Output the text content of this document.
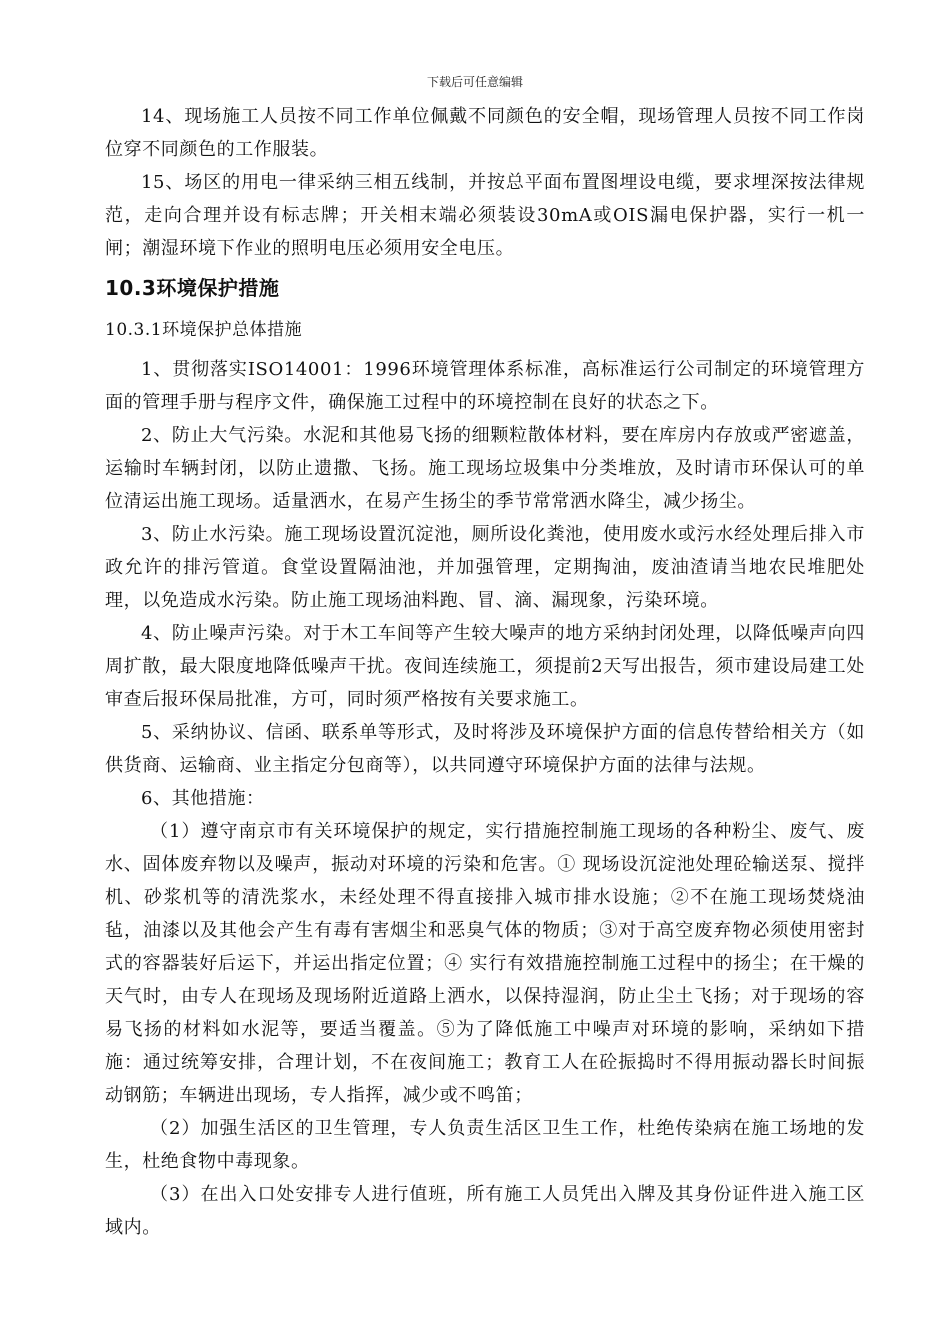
下载后可任意编辑

14、现场施工人员按不同工作单位佩戴不同颜色的安全帽，现场管理人员按不同工作岗位穿不同颜色的工作服装。

15、场区的用电一律采纳三相五线制，并按总平面布置图埋设电缆，要求埋深按法律规范，走向合理并设有标志牌；开关相末端必须装设30mA或OIS漏电保护器，实行一机一闸；潮湿环境下作业的照明电压必须用安全电压。

10.3环境保护措施
10.3.1环境保护总体措施

1、贯彻落实ISO14001：1996环境管理体系标准，高标准运行公司制定的环境管理方面的管理手册与程序文件，确保施工过程中的环境控制在良好的状态之下。

2、防止大气污染。水泥和其他易飞扬的细颗粒散体材料，要在库房内存放或严密遮盖，运输时车辆封闭，以防止遗撒、飞扬。施工现场垃圾集中分类堆放，及时请市环保认可的单位清运出施工现场。适量洒水，在易产生扬尘的季节常常洒水降尘，减少扬尘。

3、防止水污染。施工现场设置沉淀池，厕所设化粪池，使用废水或污水经处理后排入市政允许的排污管道。食堂设置隔油池，并加强管理，定期掏油，废油渣请当地农民堆肥处理，以免造成水污染。防止施工现场油料跑、冒、滴、漏现象，污染环境。

4、防止噪声污染。对于木工车间等产生较大噪声的地方采纳封闭处理，以降低噪声向四周扩散，最大限度地降低噪声干扰。夜间连续施工，须提前2天写出报告，须市建设局建工处审查后报环保局批准，方可，同时须严格按有关要求施工。

5、采纳协议、信函、联系单等形式，及时将涉及环境保护方面的信息传替给相关方（如供货商、运输商、业主指定分包商等），以共同遵守环境保护方面的法律与法规。

6、其他措施：

（1）遵守南京市有关环境保护的规定，实行措施控制施工现场的各种粉尘、废气、废水、固体废弃物以及噪声，振动对环境的污染和危害。① 现场设沉淀池处理砼输送泵、搅拌机、砂浆机等的清洗浆水，未经处理不得直接排入城市排水设施；②不在施工现场焚烧油毡，油漆以及其他会产生有毒有害烟尘和恶臭气体的物质；③对于高空废弃物必须使用密封式的容器装好后运下，并运出指定位置；④ 实行有效措施控制施工过程中的扬尘；在干燥的天气时，由专人在现场及现场附近道路上洒水，以保持湿润，防止尘土飞扬；对于现场的容易飞扬的材料如水泥等，要适当覆盖。⑤为了降低施工中噪声对环境的影响，采纳如下措施：通过统筹安排，合理计划，不在夜间施工；教育工人在砼振捣时不得用振动器长时间振动钢筋；车辆进出现场，专人指挥，减少或不鸣笛；

（2）加强生活区的卫生管理，专人负责生活区卫生工作，杜绝传染病在施工场地的发生，杜绝食物中毒现象。

（3）在出入口处安排专人进行值班，所有施工人员凭出入牌及其身份证件进入施工区域内。
